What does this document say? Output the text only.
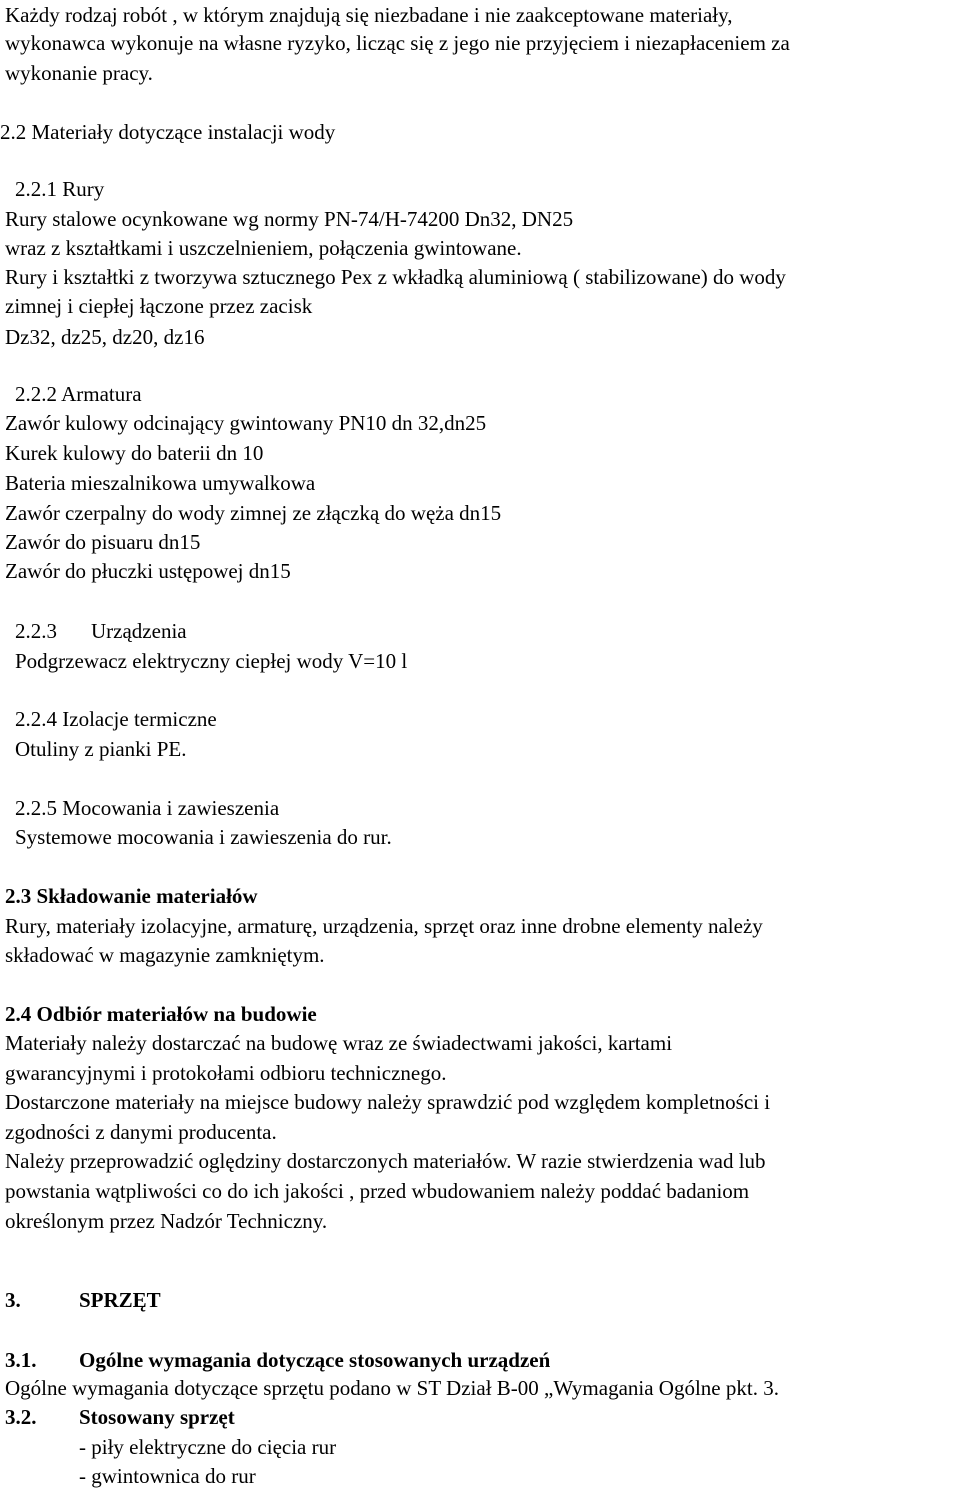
Każdy rodzaj robót , w którym znajdują się niezbadane i nie zaakceptowane materiały,
wykonawca wykonuje na własne ryzyko, licząc się z jego nie przyjęciem i niezapłaceniem za
wykonanie pracy.
2.2 Materiały dotyczące instalacji wody
2.2.1 Rury
Rury stalowe ocynkowane wg normy PN-74/H-74200 Dn32, DN25
wraz z kształtkami i uszczelnieniem, połączenia gwintowane.
Rury i kształtki z tworzywa sztucznego Pex z wkładką aluminiową ( stabilizowane) do wody
zimnej i ciepłej łączone przez zacisk
Dz32, dz25, dz20, dz16
2.2.2 Armatura
Zawór kulowy odcinający gwintowany PN10 dn 32,dn25
Kurek kulowy do baterii dn 10
Bateria mieszalnikowa umywalkowa
Zawór czerpalny do wody zimnej ze złączką do węża dn15
Zawór do pisuaru dn15
Zawór do płuczki ustępowej dn15
2.2.3 Urządzenia
Podgrzewacz elektryczny ciepłej wody V=10 l
2.2.4 Izolacje termiczne
Otuliny z pianki PE.
2.2.5 Mocowania i zawieszenia
Systemowe mocowania i zawieszenia do rur.
2.3 Składowanie materiałów
Rury, materiały izolacyjne, armaturę, urządzenia, sprzęt oraz inne drobne elementy należy
składować w magazynie zamkniętym.
2.4 Odbiór materiałów na budowie
Materiały należy dostarczać na budowę wraz ze świadectwami jakości, kartami
gwarancyjnymi i protokołami odbioru technicznego.
Dostarczone materiały na miejsce budowy należy sprawdzić pod względem kompletności i
zgodności z danymi producenta.
Należy przeprowadzić oględziny dostarczonych materiałów. W razie stwierdzenia wad lub
powstania wątpliwości co do ich jakości , przed wbudowaniem należy poddać badaniom
określonym przez Nadzór Techniczny.
3.	SPRZĘT
3.1. Ogólne wymagania dotyczące stosowanych urządzeń
Ogólne wymagania dotyczące sprzętu podano w ST Dział B-00 „Wymagania Ogólne pkt. 3.
3.2. Stosowany sprzęt
- piły elektryczne do cięcia rur
- gwintownica do rur
